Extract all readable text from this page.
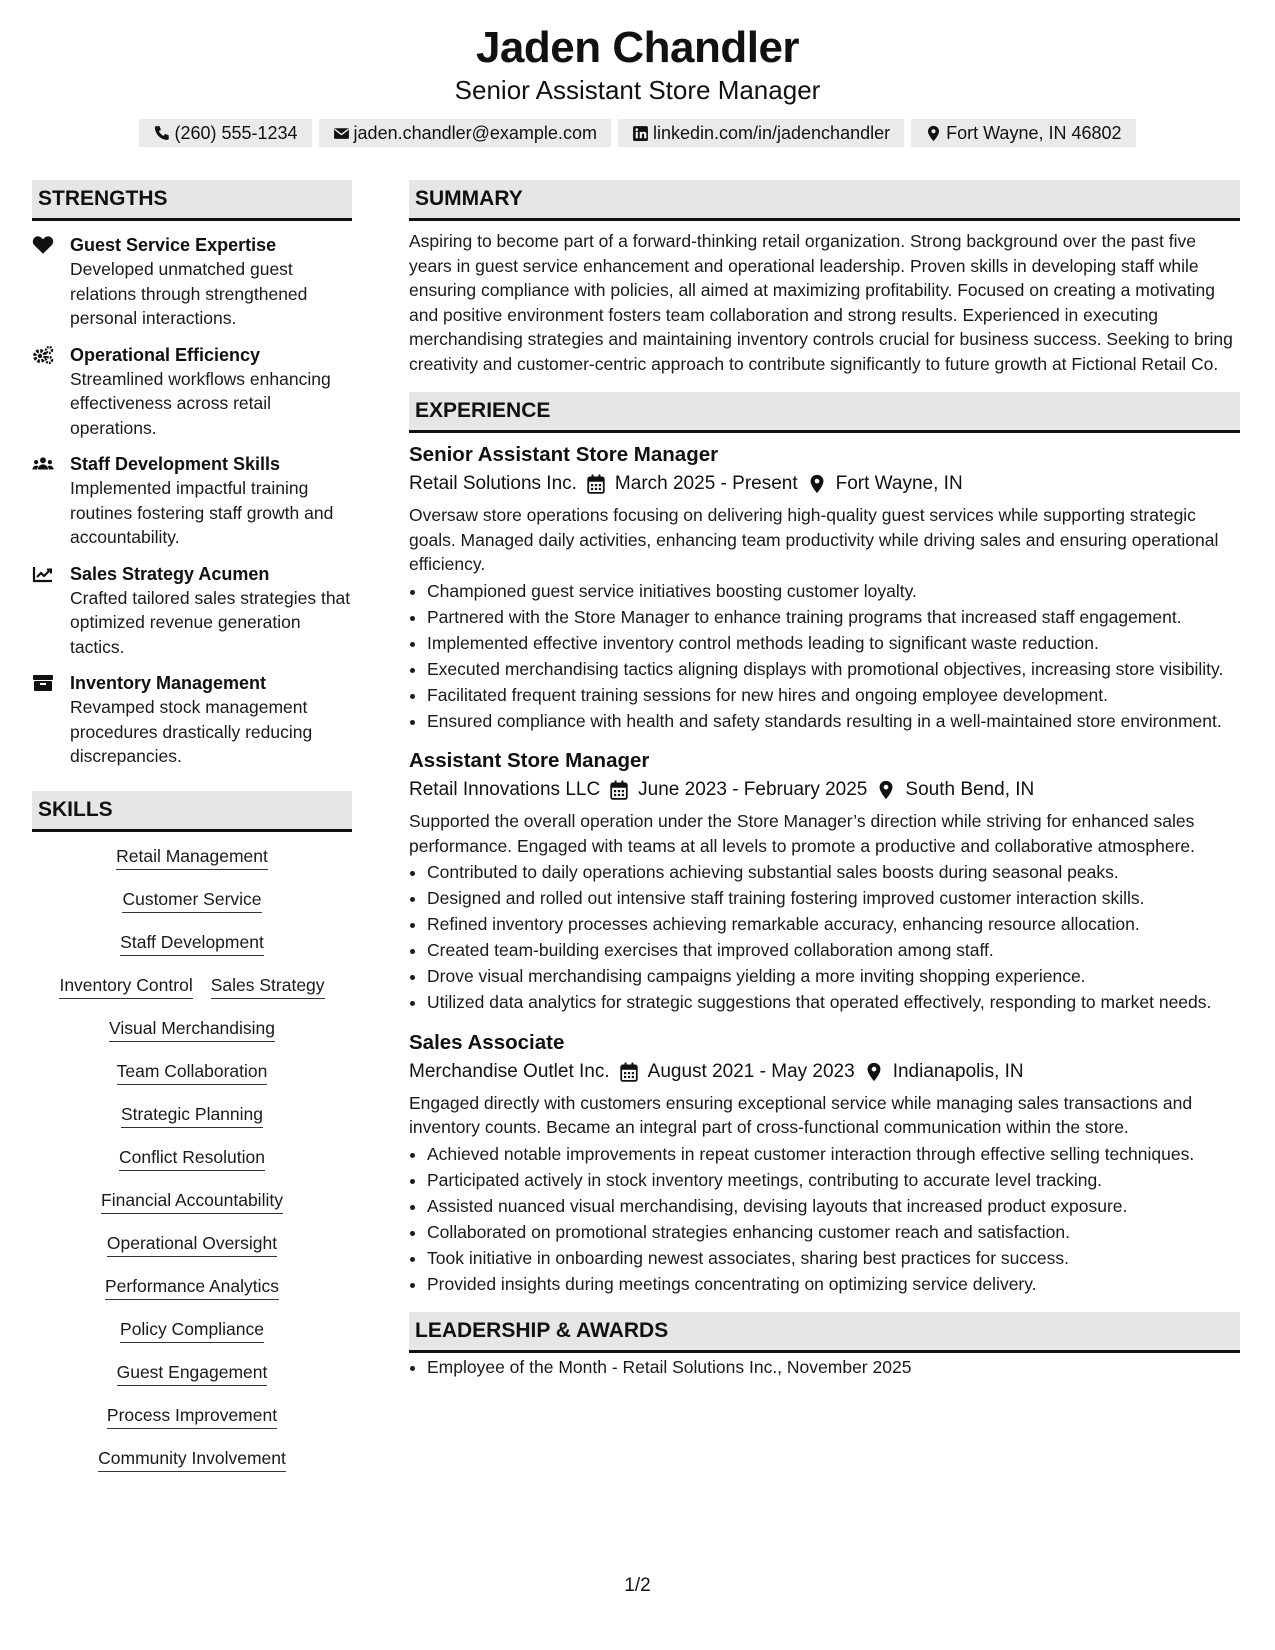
Jaden Chandler
Senior Assistant Store Manager
(260) 555-1234	jaden.chandler@example.com	linkedin.com/in/jadenchandler	Fort Wayne, IN 46802
STRENGTHS
Guest Service Expertise
Developed unmatched guest relations through strengthened personal interactions.
Operational Efficiency
Streamlined workflows enhancing effectiveness across retail operations.
Staff Development Skills
Implemented impactful training routines fostering staff growth and accountability.
Sales Strategy Acumen
Crafted tailored sales strategies that optimized revenue generation tactics.
Inventory Management
Revamped stock management procedures drastically reducing discrepancies.
SKILLS
Retail Management
Customer Service
Staff Development
Inventory Control Sales Strategy
Visual Merchandising
Team Collaboration
Strategic Planning
Conflict Resolution
Financial Accountability
Operational Oversight
Performance Analytics
Policy Compliance
Guest Engagement
Process Improvement
Community Involvement
SUMMARY
Aspiring to become part of a forward-thinking retail organization. Strong background over the past five years in guest service enhancement and operational leadership. Proven skills in developing staff while ensuring compliance with policies, all aimed at maximizing profitability. Focused on creating a motivating and positive environment fosters team collaboration and strong results. Experienced in executing merchandising strategies and maintaining inventory controls crucial for business success. Seeking to bring creativity and customer-centric approach to contribute significantly to future growth at Fictional Retail Co.
EXPERIENCE
Senior Assistant Store Manager
Retail Solutions Inc. March 2025 - Present Fort Wayne, IN
Oversaw store operations focusing on delivering high-quality guest services while supporting strategic goals. Managed daily activities, enhancing team productivity while driving sales and ensuring operational efficiency.
• Championed guest service initiatives boosting customer loyalty.
• Partnered with the Store Manager to enhance training programs that increased staff engagement.
• Implemented effective inventory control methods leading to significant waste reduction.
• Executed merchandising tactics aligning displays with promotional objectives, increasing store visibility.
• Facilitated frequent training sessions for new hires and ongoing employee development.
• Ensured compliance with health and safety standards resulting in a well-maintained store environment.
Assistant Store Manager
Retail Innovations LLC June 2023 - February 2025 South Bend, IN
Supported the overall operation under the Store Manager’s direction while striving for enhanced sales performance. Engaged with teams at all levels to promote a productive and collaborative atmosphere.
• Contributed to daily operations achieving substantial sales boosts during seasonal peaks.
• Designed and rolled out intensive staff training fostering improved customer interaction skills.
• Refined inventory processes achieving remarkable accuracy, enhancing resource allocation.
• Created team-building exercises that improved collaboration among staff.
• Drove visual merchandising campaigns yielding a more inviting shopping experience.
• Utilized data analytics for strategic suggestions that operated effectively, responding to market needs.
Sales Associate
Merchandise Outlet Inc. August 2021 - May 2023 Indianapolis, IN
Engaged directly with customers ensuring exceptional service while managing sales transactions and inventory counts. Became an integral part of cross-functional communication within the store.
• Achieved notable improvements in repeat customer interaction through effective selling techniques.
• Participated actively in stock inventory meetings, contributing to accurate level tracking.
• Assisted nuanced visual merchandising, devising layouts that increased product exposure.
• Collaborated on promotional strategies enhancing customer reach and satisfaction.
• Took initiative in onboarding newest associates, sharing best practices for success.
• Provided insights during meetings concentrating on optimizing service delivery.
LEADERSHIP & AWARDS
• Employee of the Month - Retail Solutions Inc., November 2025
1/2
